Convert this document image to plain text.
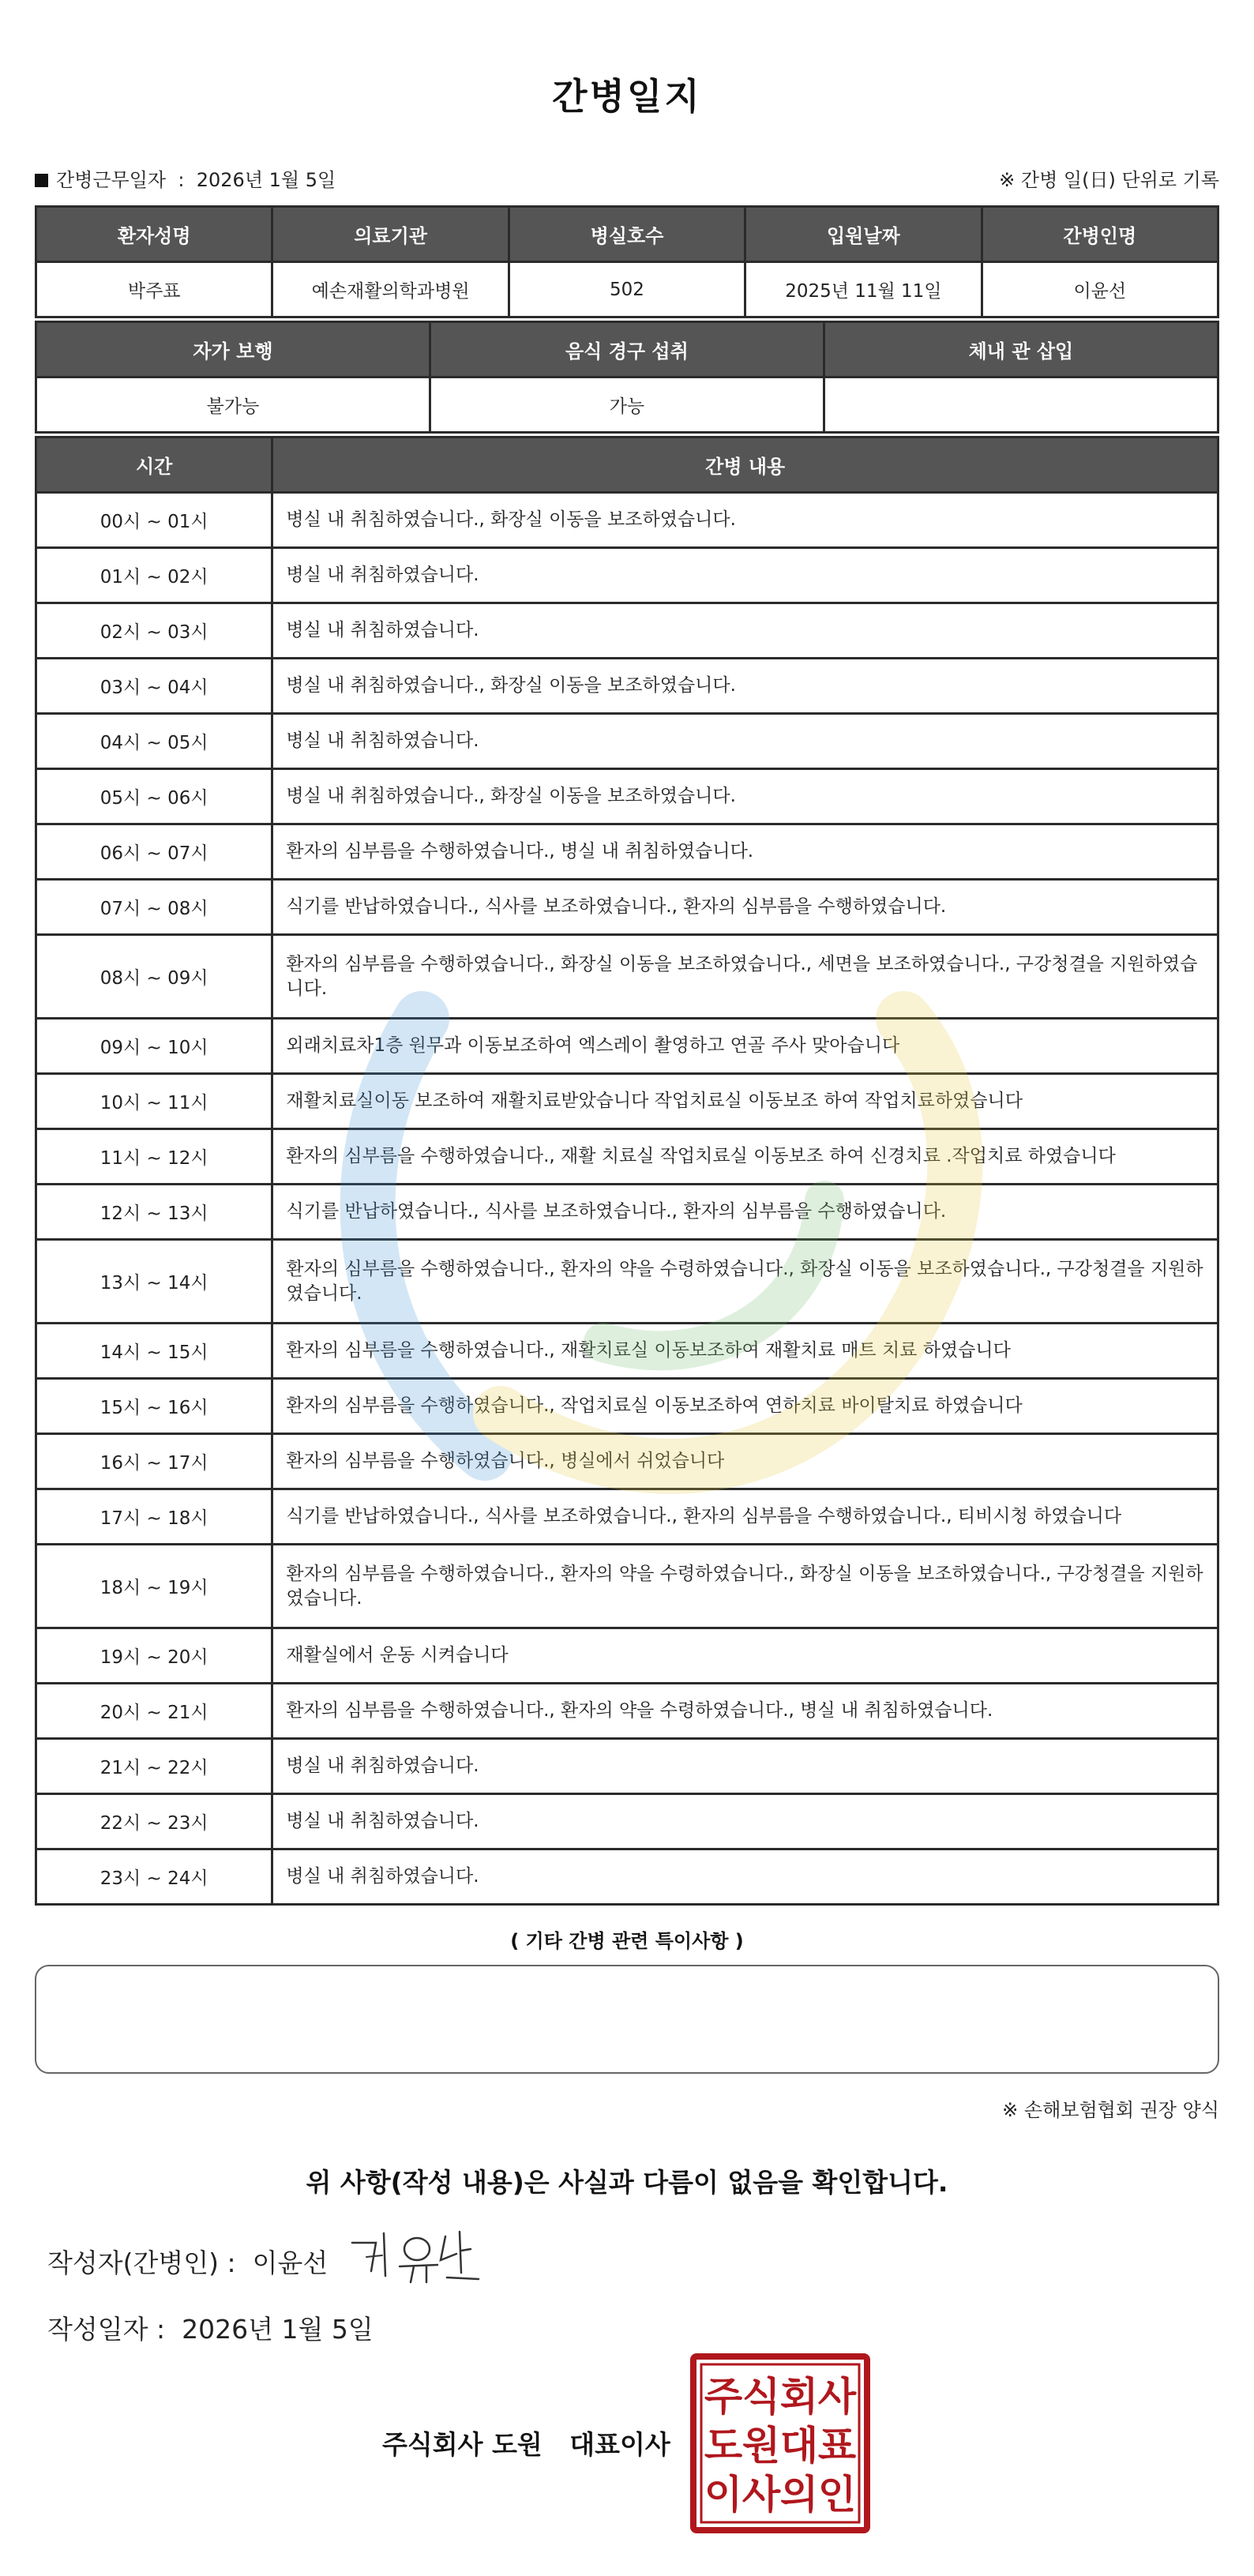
간병일지
간병근무일자 : 2026년 1월 5일	※ 간병 일(日) 단위로 기록
환자성명	의료기관	병실호수	입원날짜	간병인명
박주표	예손재활의학과병원	502	2025년 11월 11일	이윤선
자가 보행	음식 경구 섭취	체내 관 삽입
불가능	가능	
시간	간병 내용
00시 ~ 01시	병실 내 취침하였습니다., 화장실 이동을 보조하였습니다.
01시 ~ 02시	병실 내 취침하였습니다.
02시 ~ 03시	병실 내 취침하였습니다.
03시 ~ 04시	병실 내 취침하였습니다., 화장실 이동을 보조하였습니다.
04시 ~ 05시	병실 내 취침하였습니다.
05시 ~ 06시	병실 내 취침하였습니다., 화장실 이동을 보조하였습니다.
06시 ~ 07시	환자의 심부름을 수행하였습니다., 병실 내 취침하였습니다.
07시 ~ 08시	식기를 반납하였습니다., 식사를 보조하였습니다., 환자의 심부름을 수행하였습니다.
08시 ~ 09시	환자의 심부름을 수행하였습니다., 화장실 이동을 보조하였습니다., 세면을 보조하였습니다., 구강청결을 지원하였습니다.
09시 ~ 10시	외래치료차1층 원무과 이동보조하여 엑스레이 촬영하고 연골 주사 맞아습니다
10시 ~ 11시	재활치료실이동 보조하여 재활치료받았습니다 작업치료실 이동보조 하여 작업치료하였습니다
11시 ~ 12시	환자의 심부름을 수행하였습니다., 재활 치료실 작업치료실 이동보조 하여 신경치료 .작업치료 하였습니다
12시 ~ 13시	식기를 반납하였습니다., 식사를 보조하였습니다., 환자의 심부름을 수행하였습니다.
13시 ~ 14시	환자의 심부름을 수행하였습니다., 환자의 약을 수령하였습니다., 화장실 이동을 보조하였습니다., 구강청결을 지원하였습니다.
14시 ~ 15시	환자의 심부름을 수행하였습니다., 재활치료실 이동보조하여 재활치료 매트 치료 하였습니다
15시 ~ 16시	환자의 심부름을 수행하였습니다., 작업치료실 이동보조하여 연하치료 바이탈치료 하였습니다
16시 ~ 17시	환자의 심부름을 수행하였습니다., 병실에서 쉬었습니다
17시 ~ 18시	식기를 반납하였습니다., 식사를 보조하였습니다., 환자의 심부름을 수행하였습니다., 티비시청 하였습니다
18시 ~ 19시	환자의 심부름을 수행하였습니다., 환자의 약을 수령하였습니다., 화장실 이동을 보조하였습니다., 구강청결을 지원하였습니다.
19시 ~ 20시	재활실에서 운동 시켜습니다
20시 ~ 21시	환자의 심부름을 수행하였습니다., 환자의 약을 수령하였습니다., 병실 내 취침하였습니다.
21시 ~ 22시	병실 내 취침하였습니다.
22시 ~ 23시	병실 내 취침하였습니다.
23시 ~ 24시	병실 내 취침하였습니다.
( 기타 간병 관련 특이사항 )
※ 손해보험협회 권장 양식
위 사항(작성 내용)은 사실과 다름이 없음을 확인합니다.
작성자(간병인) : 이윤선
작성일자 : 2026년 1월 5일
주식회사 도원   대표이사
주 식 회 사
도 원 대 표
이 사 의 인
